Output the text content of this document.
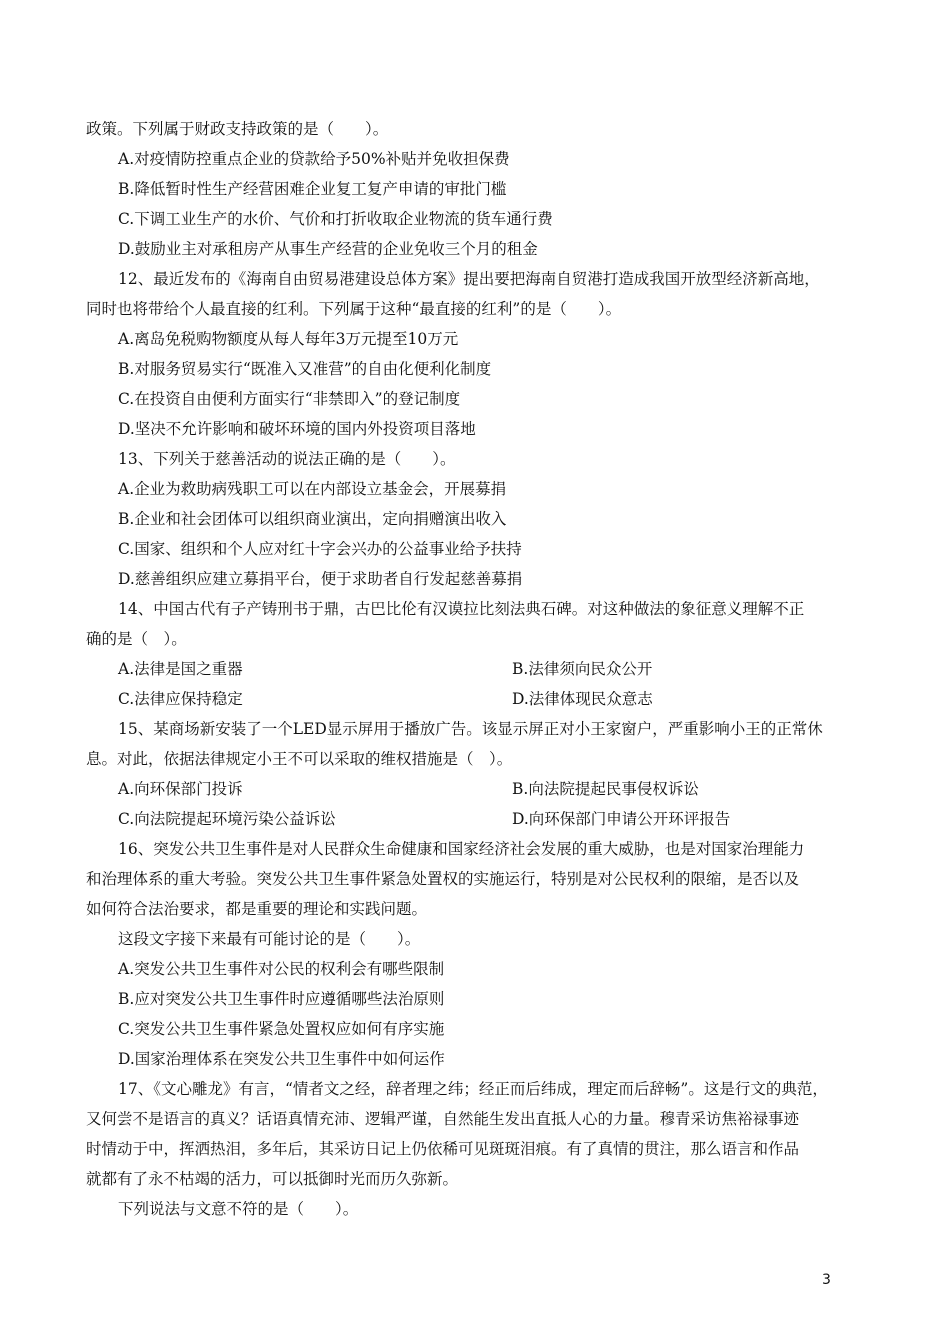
政策。下列属于财政支持政策的是（　　）。
A.对疫情防控重点企业的贷款给予50%补贴并免收担保费
B.降低暂时性生产经营困难企业复工复产申请的审批门槛
C.下调工业生产的水价、气价和打折收取企业物流的货车通行费
D.鼓励业主对承租房产从事生产经营的企业免收三个月的租金
12、最近发布的《海南自由贸易港建设总体方案》提出要把海南自贸港打造成我国开放型经济新高地，
同时也将带给个人最直接的红利。下列属于这种“最直接的红利”的是（　　）。
A.离岛免税购物额度从每人每年3万元提至10万元
B.对服务贸易实行“既准入又准营”的自由化便利化制度
C.在投资自由便利方面实行“非禁即入”的登记制度
D.坚决不允许影响和破坏环境的国内外投资项目落地
13、下列关于慈善活动的说法正确的是（　　）。
A.企业为救助病残职工可以在内部设立基金会，开展募捐
B.企业和社会团体可以组织商业演出，定向捐赠演出收入
C.国家、组织和个人应对红十字会兴办的公益事业给予扶持
D.慈善组织应建立募捐平台，便于求助者自行发起慈善募捐
14、中国古代有子产铸刑书于鼎，古巴比伦有汉谟拉比刻法典石碑。对这种做法的象征意义理解不正
确的是（　）。
A.法律是国之重器	B.法律须向民众公开
C.法律应保持稳定	D.法律体现民众意志
15、某商场新安装了一个LED显示屏用于播放广告。该显示屏正对小王家窗户，严重影响小王的正常休
息。对此，依据法律规定小王不可以采取的维权措施是（　）。
A.向环保部门投诉	B.向法院提起民事侵权诉讼
C.向法院提起环境污染公益诉讼	D.向环保部门申请公开环评报告
16、突发公共卫生事件是对人民群众生命健康和国家经济社会发展的重大威胁，也是对国家治理能力
和治理体系的重大考验。突发公共卫生事件紧急处置权的实施运行，特别是对公民权利的限缩，是否以及
如何符合法治要求，都是重要的理论和实践问题。
这段文字接下来最有可能讨论的是（　　）。
A.突发公共卫生事件对公民的权利会有哪些限制
B.应对突发公共卫生事件时应遵循哪些法治原则
C.突发公共卫生事件紧急处置权应如何有序实施
D.国家治理体系在突发公共卫生事件中如何运作
17、《文心雕龙》有言，“情者文之经，辞者理之纬；经正而后纬成，理定而后辞畅”。这是行文的典范，
又何尝不是语言的真义？话语真情充沛、逻辑严谨，自然能生发出直抵人心的力量。穆青采访焦裕禄事迹
时情动于中，挥洒热泪，多年后，其采访日记上仍依稀可见斑斑泪痕。有了真情的贯注，那么语言和作品
就都有了永不枯竭的活力，可以抵御时光而历久弥新。
下列说法与文意不符的是（　　）。
3
